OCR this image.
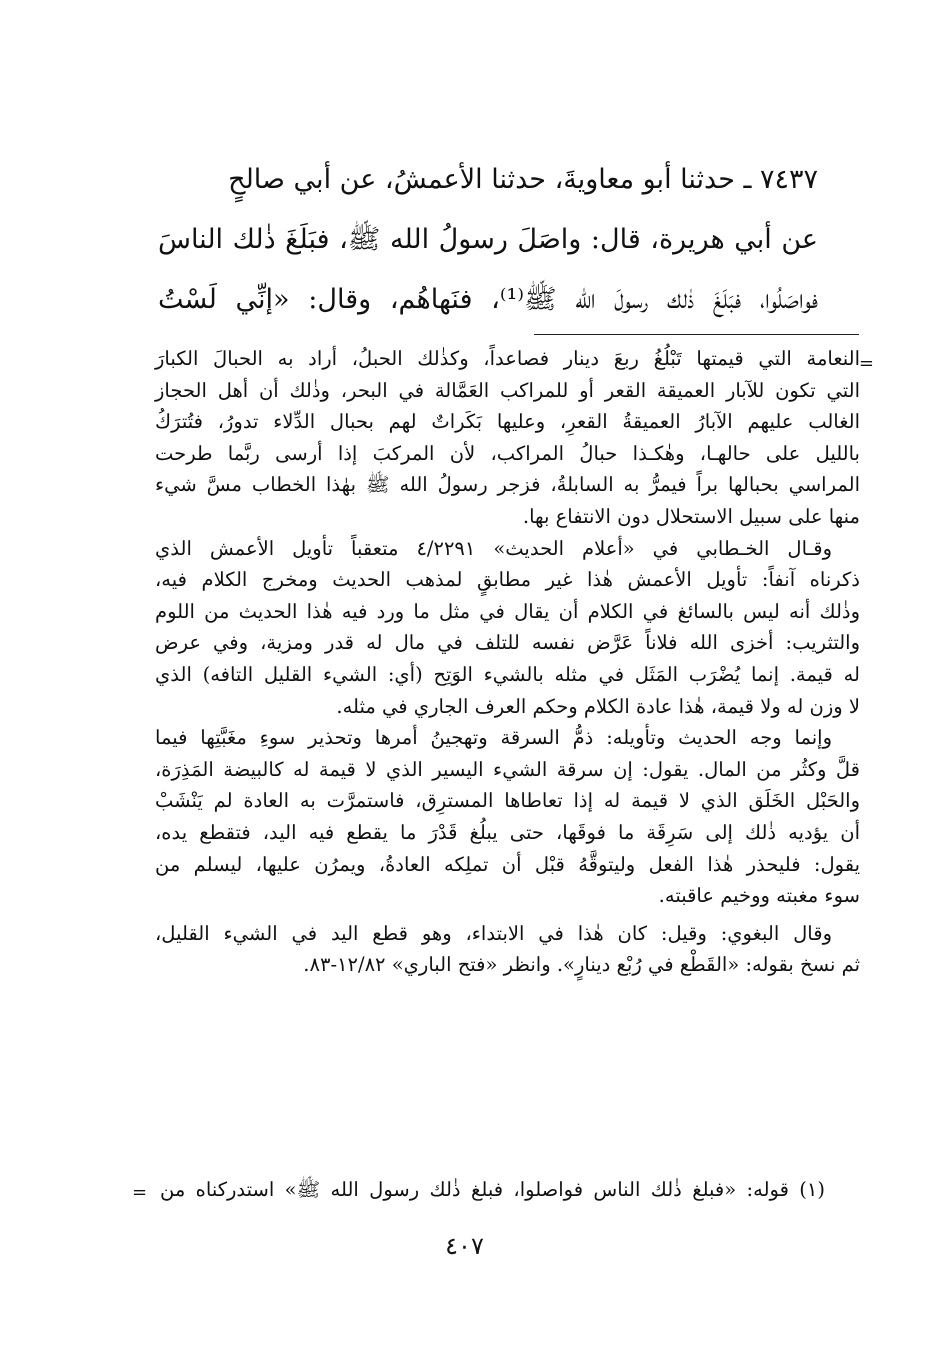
٧٤٣٧ ـ حدثنا أبو معاويةَ، حدثنا الأعمشُ، عن أبي صالحٍ
عن أبي هريرة، قال: واصَلَ رسولُ الله ﷺ، فبَلَغَ ذٰلك الناسَ
فواصَلُوا، فبَلَغَ ذٰلك رسولَ الله ﷺ⁽¹⁾، فنَهاهُم، وقال: «إنِّي لَسْتُ
=
النعامة التي قيمتها تَبْلُغُ ربعَ دينار فصاعداً، وكذٰلك الحبلُ، أراد به الحبالَ الكبارَ
التي تكون للآبار العميقة القعر أو للمراكب العَمَّالة في البحر، وذٰلك أن أهل الحجاز
الغالب عليهم الآبارُ العميقةُ القعرِ، وعليها بَكَراتٌ لهم بحبال الدِّلاء تدورُ، فتُترَكُ
بالليل على حالهـا، وهٰكـذا حبالُ المراكب، لأن المركبَ إذا أرسى ربَّما طرحت
المراسي بحبالها براً فيمرُّ به السابلةُ، فزجر رسولُ الله ﷺ بهٰذا الخطاب مسَّ شيء
منها على سبيل الاستحلال دون الانتفاع بها.
وقـال الخـطابي في «أعلام الحديث» ٤/٢٢٩١ متعقباً تأويل الأعمش الذي
ذكرناه آنفاً: تأويل الأعمش هٰذا غير مطابقٍ لمذهب الحديث ومخرج الكلام فيه،
وذٰلك أنه ليس بالسائغ في الكلام أن يقال في مثل ما ورد فيه هٰذا الحديث من اللوم
والتثريب: أخزى الله فلاناً عَرَّض نفسه للتلف في مال له قدر ومزية، وفي عرض
له قيمة. إنما يُضْرَب المَثَل في مثله بالشيء الوَتِح (أي: الشيء القليل التافه) الذي
لا وزن له ولا قيمة، هٰذا عادة الكلام وحكم العرف الجاري في مثله.
وإنما وجه الحديث وتأويله: ذمُّ السرقة وتهجينُ أمرها وتحذير سوءِ مغَبَّتِها فيما
قلَّ وكثُر من المال. يقول: إن سرقة الشيء اليسير الذي لا قيمة له كالبيضة المَذِرَة،
والحَبْل الخَلَق الذي لا قيمة له إذا تعاطاها المسترِق، فاستمرَّت به العادة لم يَنْشَبْ
أن يؤديه ذٰلك إلى سَرِقَة ما فوقَها، حتى يبلُغ قَدْرَ ما يقطع فيه اليد، فتقطع يده،
يقول: فليحذر هٰذا الفعل وليتوقَّهُ قبْل أن تملِكه العادةُ، ويمرُن عليها، ليسلم من
سوء مغبته ووخيم عاقبته.
وقال البغوي: وقيل: كان هٰذا في الابتداء، وهو قطع اليد في الشيء القليل،
ثم نسخ بقوله: «القَطْع في رُبْع دينارٍ». وانظر «فتح الباري» ١٢/٨٢-٨٣.
(١) قوله: «فبلغ ذٰلك الناس فواصلوا، فبلغ ذٰلك رسول الله ﷺ» استدركناه من
=
٤٠٧
